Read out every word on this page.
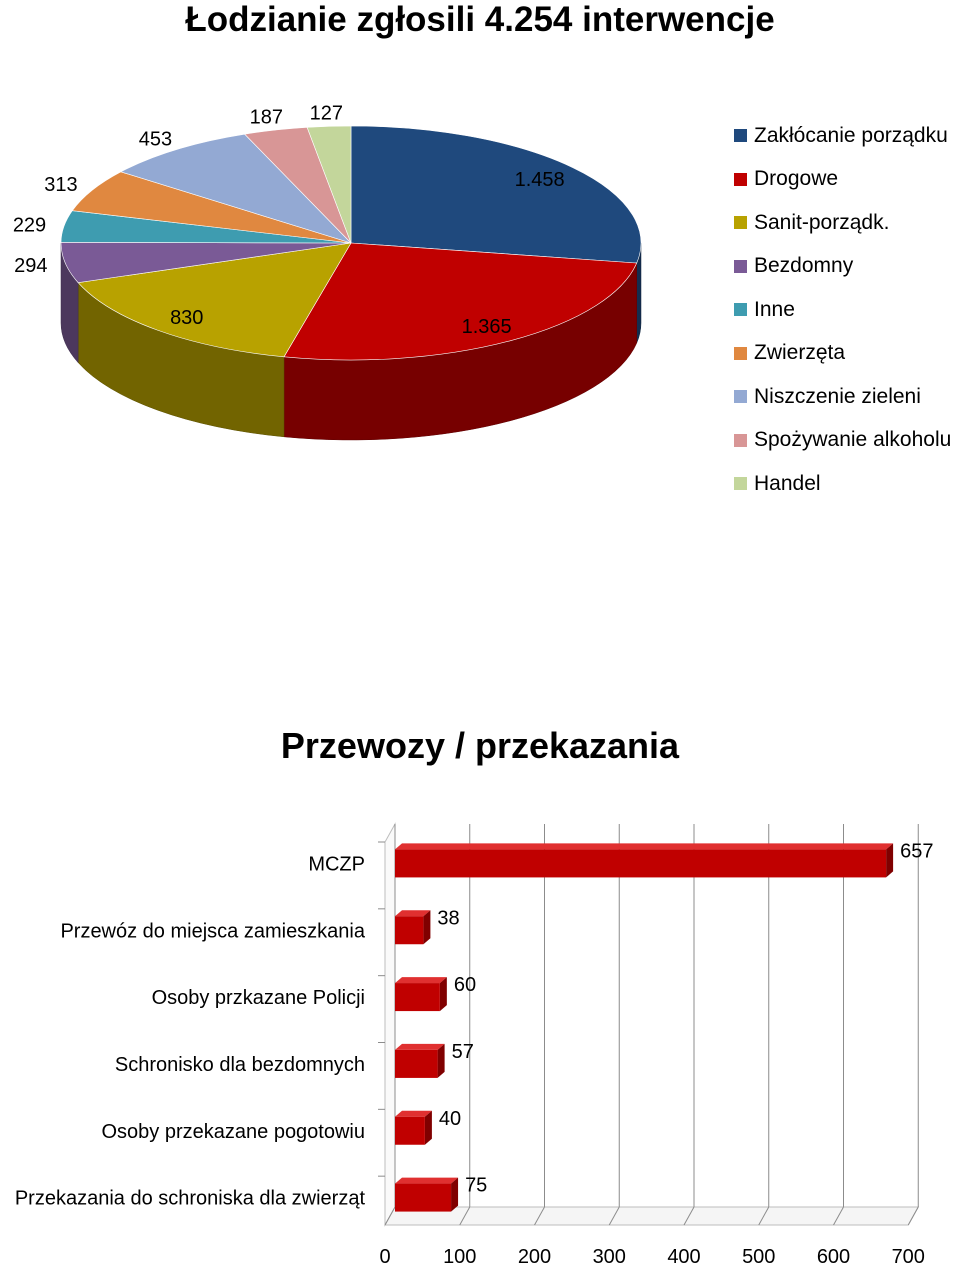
Łodzianie zgłosili 4.254 interwencje
1.458
1.365
830
294
229
313
453
187 127
Zakłócanie porządku
Drogowe
Sanit-porządk.
Bezdomny
Inne
Zwierzęta
Niszczenie zieleni
Spożywanie alkoholu
Handel
Przewozy / przekazania
0	100 200 300 400 500 600 700
657
MCZP
38
Przewóz do miejsca zamieszkania
60
Osoby przkazane Policji
57
Schronisko dla bezdomnych
40
Osoby przekazane pogotowiu
75
Przekazania do schroniska dla zwierząt
